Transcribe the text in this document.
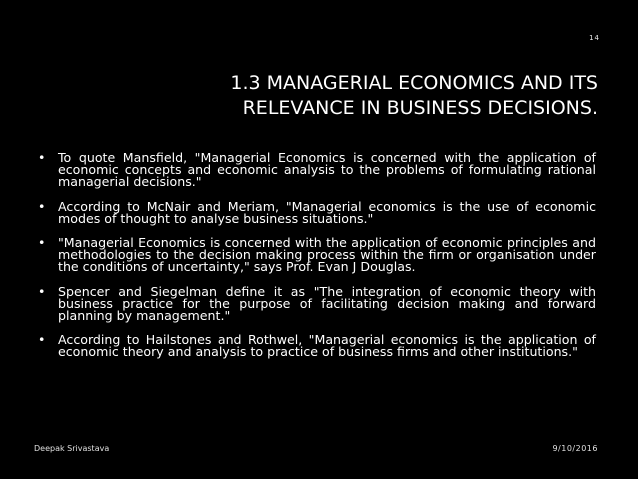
14
1.3 MANAGERIAL ECONOMICS AND ITS
RELEVANCE IN BUSINESS DECISIONS.
• To quote Mansfield, "Managerial Economics is concerned with the application of economic concepts and economic analysis to the problems of formulating rational managerial decisions."
• According to McNair and Meriam, "Managerial economics is the use of economic modes of thought to analyse business situations."
• "Managerial Economics is concerned with the application of economic principles and methodologies to the decision making process within the firm or organisation under the conditions of uncertainty," says Prof. Evan J Douglas.
• Spencer and Siegelman define it as "The integration of economic theory with business practice for the purpose of facilitating decision making and forward planning by management."
• According to Hailstones and Rothwel, "Managerial economics is the application of economic theory and analysis to practice of business firms and other institutions."
Deepak Srivastava	9/10/2016
